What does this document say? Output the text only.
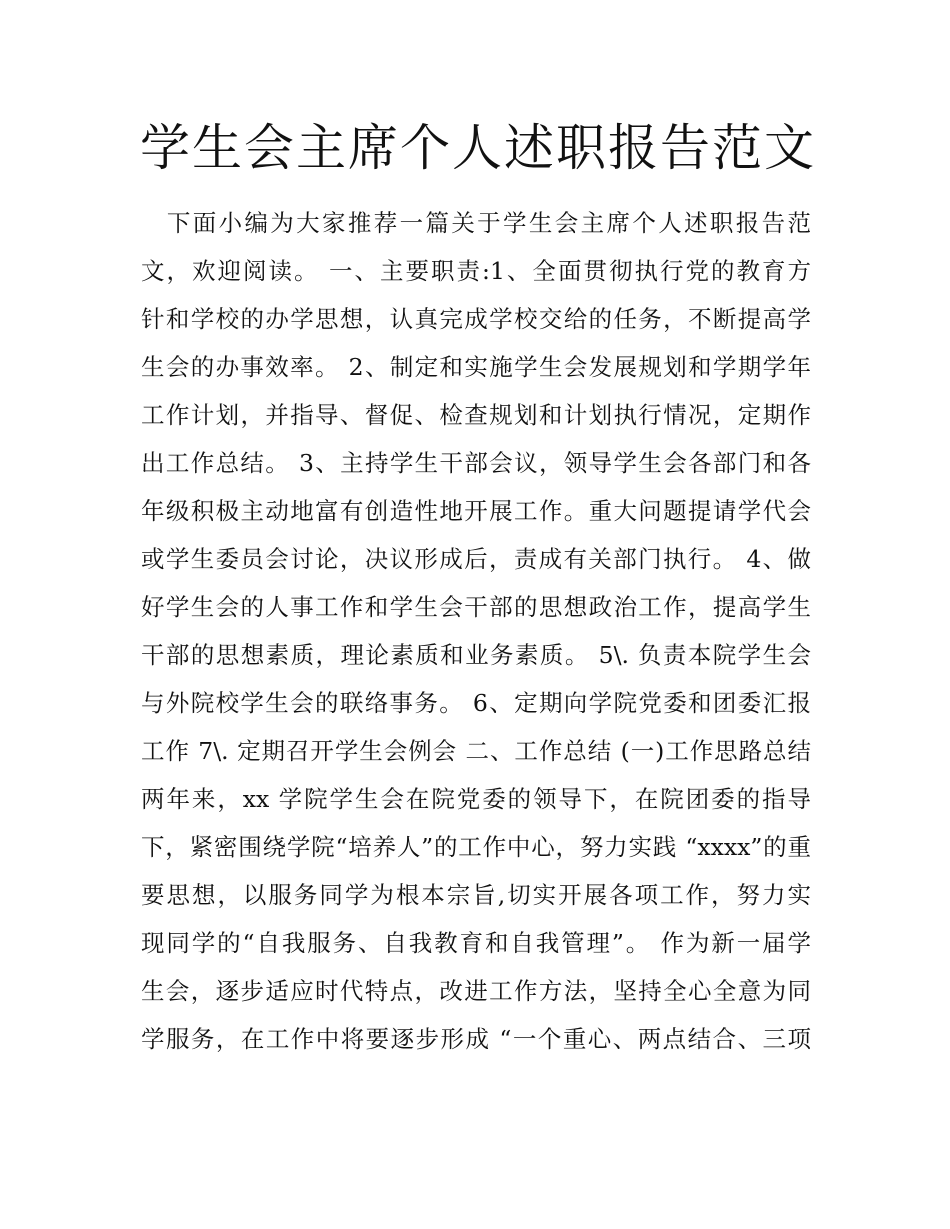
学生会主席个人述职报告范文
　下面小编为大家推荐一篇关于学生会主席个人述职报告范
文，欢迎阅读。 一、主要职责:1、全面贯彻执行党的教育方
针和学校的办学思想，认真完成学校交给的任务，不断提高学
生会的办事效率。 2、制定和实施学生会发展规划和学期学年
工作计划，并指导、督促、检查规划和计划执行情况，定期作
出工作总结。 3、主持学生干部会议，领导学生会各部门和各
年级积极主动地富有创造性地开展工作。重大问题提请学代会
或学生委员会讨论，决议形成后，责成有关部门执行。 4、做
好学生会的人事工作和学生会干部的思想政治工作，提高学生
干部的思想素质，理论素质和业务素质。 5\. 负责本院学生会
与外院校学生会的联络事务。 6、定期向学院党委和团委汇报
工作 7\. 定期召开学生会例会 二、工作总结 (一)工作思路总结
两年来，xx 学院学生会在院党委的领导下，在院团委的指导
下，紧密围绕学院“培养人”的工作中心，努力实践 “xxxx”的重
要思想，以服务同学为根本宗旨,切实开展各项工作，努力实
现同学的“自我服务、自我教育和自我管理”。 作为新一届学
生会，逐步适应时代特点，改进工作方法，坚持全心全意为同
学服务，在工作中将要逐步形成 “一个重心、两点结合、三项
